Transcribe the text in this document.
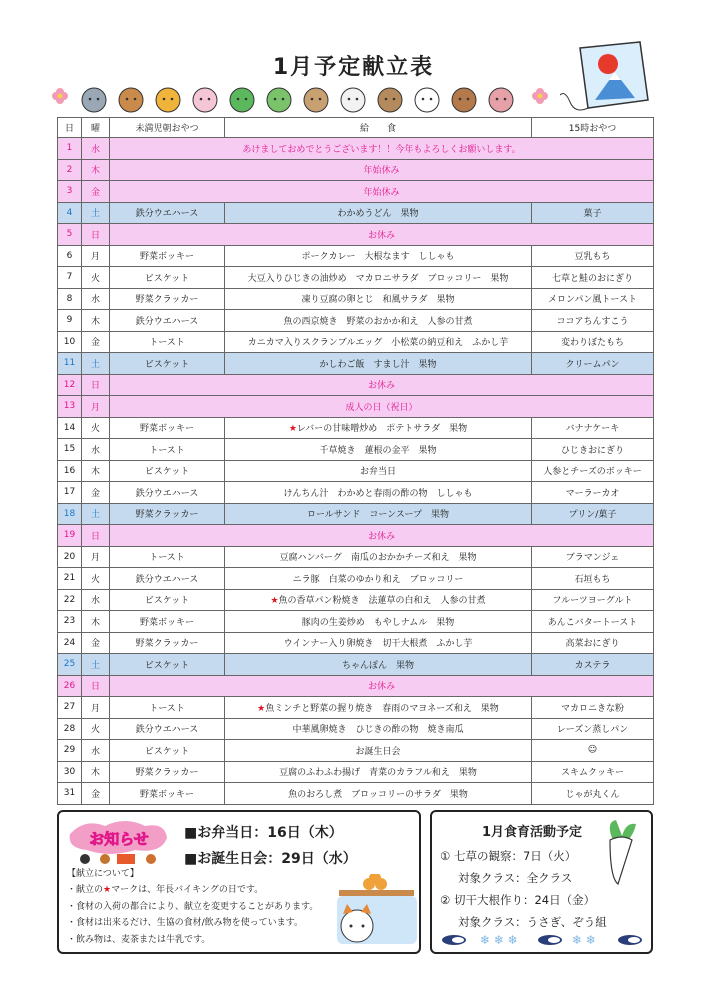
1月予定献立表
日	曜	未満児朝おやつ	給　　食	15時おやつ
1	水	あけましておめでとうございます！！今年もよろしくお願いします。		
2	木	年始休み		
3	金	年始休み		
4	土	鉄分ウエハース	わかめうどん　果物	菓子
5	日	お休み		
6	月	野菜ボッキー	ポークカレー　大根なます　ししゃも	豆乳もち
7	火	ビスケット	大豆入りひじきの油炒め　マカロニサラダ　ブロッコリー　果物	七草と鮭のおにぎり
8	水	野菜クラッカー	凍り豆腐の卵とじ　和風サラダ　果物	メロンパン風トースト
9	木	鉄分ウエハース	魚の西京焼き　野菜のおかか和え　人参の甘煮	ココアちんすこう
10	金	トースト	カニカマ入りスクランブルエッグ　小松菜の納豆和え　ふかし芋	変わりぼたもち
11	土	ビスケット	かしわご飯　すまし汁　果物	クリームパン
12	日	お休み		
13	月	成人の日（祝日）		
14	火	野菜ボッキー	★レバーの甘味噌炒め　ポテトサラダ　果物	バナナケーキ
15	水	トースト	千草焼き　蓮根の金平　果物	ひじきおにぎり
16	木	ビスケット	お弁当日	人参とチーズのボッキー
17	金	鉄分ウエハース	けんちん汁　わかめと春雨の酢の物　ししゃも	マーラーカオ
18	土	野菜クラッカー	ロールサンド　コーンスープ　果物	プリン/菓子
19	日	お休み		
20	月	トースト	豆腐ハンバーグ　南瓜のおかかチーズ和え　果物	ブラマンジェ
21	火	鉄分ウエハース	ニラ豚　白菜のゆかり和え　ブロッコリー	石垣もち
22	水	ビスケット	★魚の香草パン粉焼き　法蓮草の白和え　人参の甘煮	フルーツヨーグルト
23	木	野菜ボッキー	豚肉の生姜炒め　もやしナムル　果物	あんこバタートースト
24	金	野菜クラッカー	ウインナー入り卵焼き　切干大根煮　ふかし芋	高菜おにぎり
25	土	ビスケット	ちゃんぽん　果物	カステラ
26	日	お休み		
27	月	トースト	★魚ミンチと野菜の握り焼き　春雨のマヨネーズ和え　果物	マカロニきな粉
28	火	鉄分ウエハース	中華風卵焼き　ひじきの酢の物　焼き南瓜	レーズン蒸しパン
29	水	ビスケット	お誕生日会	☺
30	木	野菜クラッカー	豆腐のふわふわ揚げ　青菜のカラフル和え　果物	スキムクッキー
31	金	野菜ボッキー	魚のおろし煮　ブロッコリーのサラダ　果物	じゃが丸くん
お知らせ	■お弁当日：16日（木）
■お誕生日会：29日（水）
【献立について】
・献立の★マークは、年長バイキングの日です。
・食材の入荷の都合により、献立を変更することがあります。
・食材は出来るだけ、生協の食材/飲み物を使っています。
・飲み物は、麦茶または牛乳です。
1月食育活動予定
① 七草の観察：7日（火）
対象クラス：全クラス
② 切干大根作り：24日（金）
対象クラス：うさぎ、ぞう組
❄ ❄ ❄	❄ ❄
